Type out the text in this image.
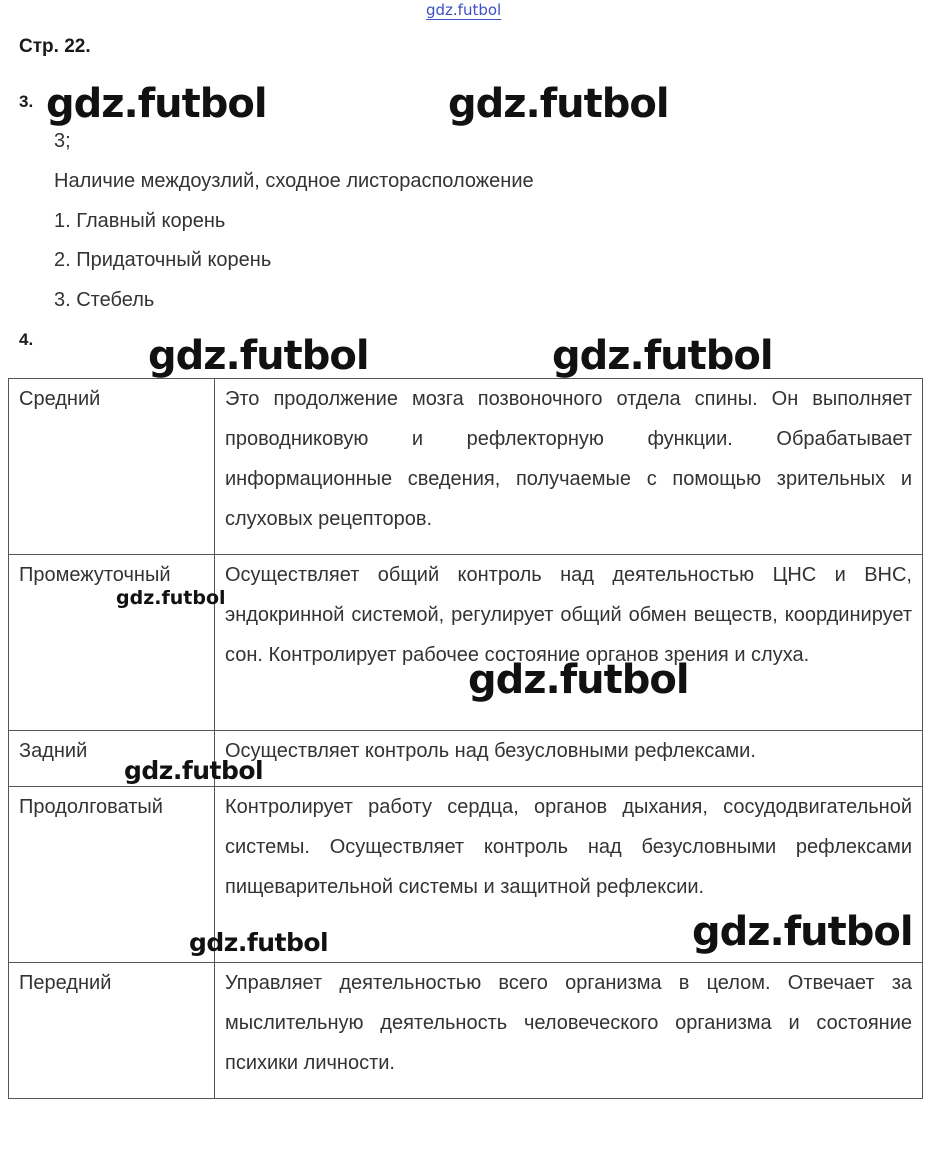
gdz.futbol
Стр. 22.
3.
3;
Наличие междоузлий, сходное листорасположение
1. Главный корень
2. Придаточный корень
3. Стебель
4.
Средний	Это продолжение мозга позвоночного отдела спины. Он выполняет проводниковую и рефлекторную функции. Обрабатывает информационные сведения, получаемые с помощью зрительных и слуховых рецепторов.
Промежуточный	Осуществляет общий контроль над деятельностью ЦНС и ВНС, эндокринной системой, регулирует общий обмен веществ, координирует сон. Контролирует рабочее состояние органов зрения и слуха.
Задний	Осуществляет контроль над безусловными рефлексами.
Продолговатый	Контролирует работу сердца, органов дыхания, сосудодвигательной системы. Осуществляет контроль над безусловными рефлексами пищеварительной системы и защитной рефлексии.
Передний	Управляет деятельностью всего организма в целом. Отвечает за мыслительную деятельность человеческого организма и состояние психики личности.
gdz.futbol	gdz.futbol
gdz.futbol	gdz.futbol
gdz.futbol
gdz.futbol
gdz.futbol
gdz.futbol	gdz.futbol
